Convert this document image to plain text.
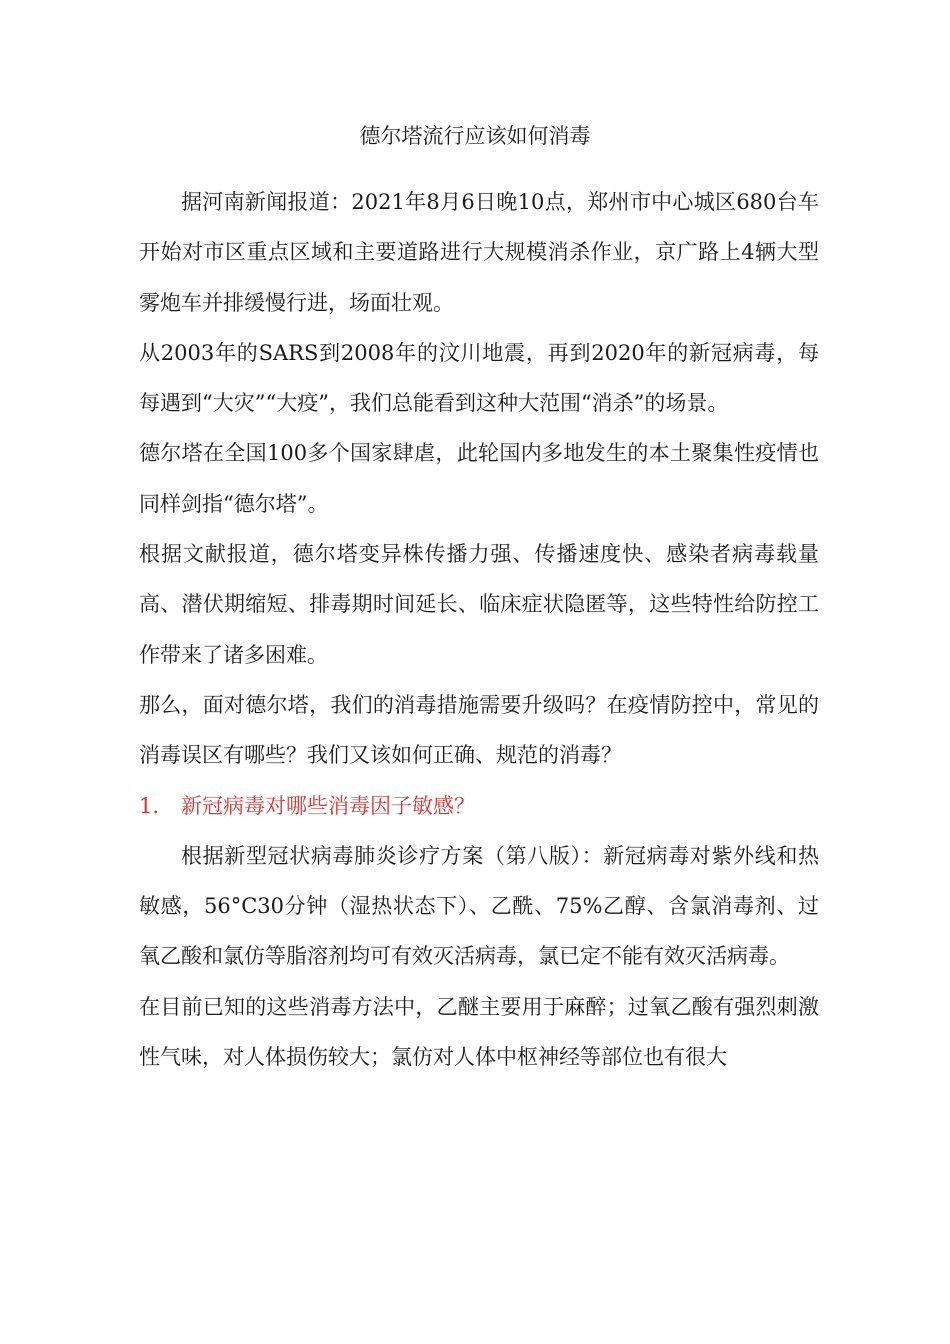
德尔塔流行应该如何消毒

据河南新闻报道：2021年8月6日晚10点，郑州市中心城区680台车开始对市区重点区域和主要道路进行大规模消杀作业，京广路上4辆大型雾炮车并排缓慢行进，场面壮观。

从2003年的SARS到2008年的汶川地震，再到2020年的新冠病毒，每每遇到“大灾”“大疫”，我们总能看到这种大范围“消杀”的场景。

德尔塔在全国100多个国家肆虐，此轮国内多地发生的本土聚集性疫情也同样剑指“德尔塔”。

根据文献报道，德尔塔变异株传播力强、传播速度快、感染者病毒载量高、潜伏期缩短、排毒期时间延长、临床症状隐匿等，这些特性给防控工作带来了诸多困难。

那么，面对德尔塔，我们的消毒措施需要升级吗？在疫情防控中，常见的消毒误区有哪些？我们又该如何正确、规范的消毒？

1. 新冠病毒对哪些消毒因子敏感？

根据新型冠状病毒肺炎诊疗方案（第八版）：新冠病毒对紫外线和热敏感，56°C30分钟（湿热状态下）、乙酰、75%乙醇、含氯消毒剂、过氧乙酸和氯仿等脂溶剂均可有效灭活病毒，氯已定不能有效灭活病毒。

在目前已知的这些消毒方法中，乙醚主要用于麻醉；过氧乙酸有强烈刺激性气味，对人体损伤较大；氯仿对人体中枢神经等部位也有很大
